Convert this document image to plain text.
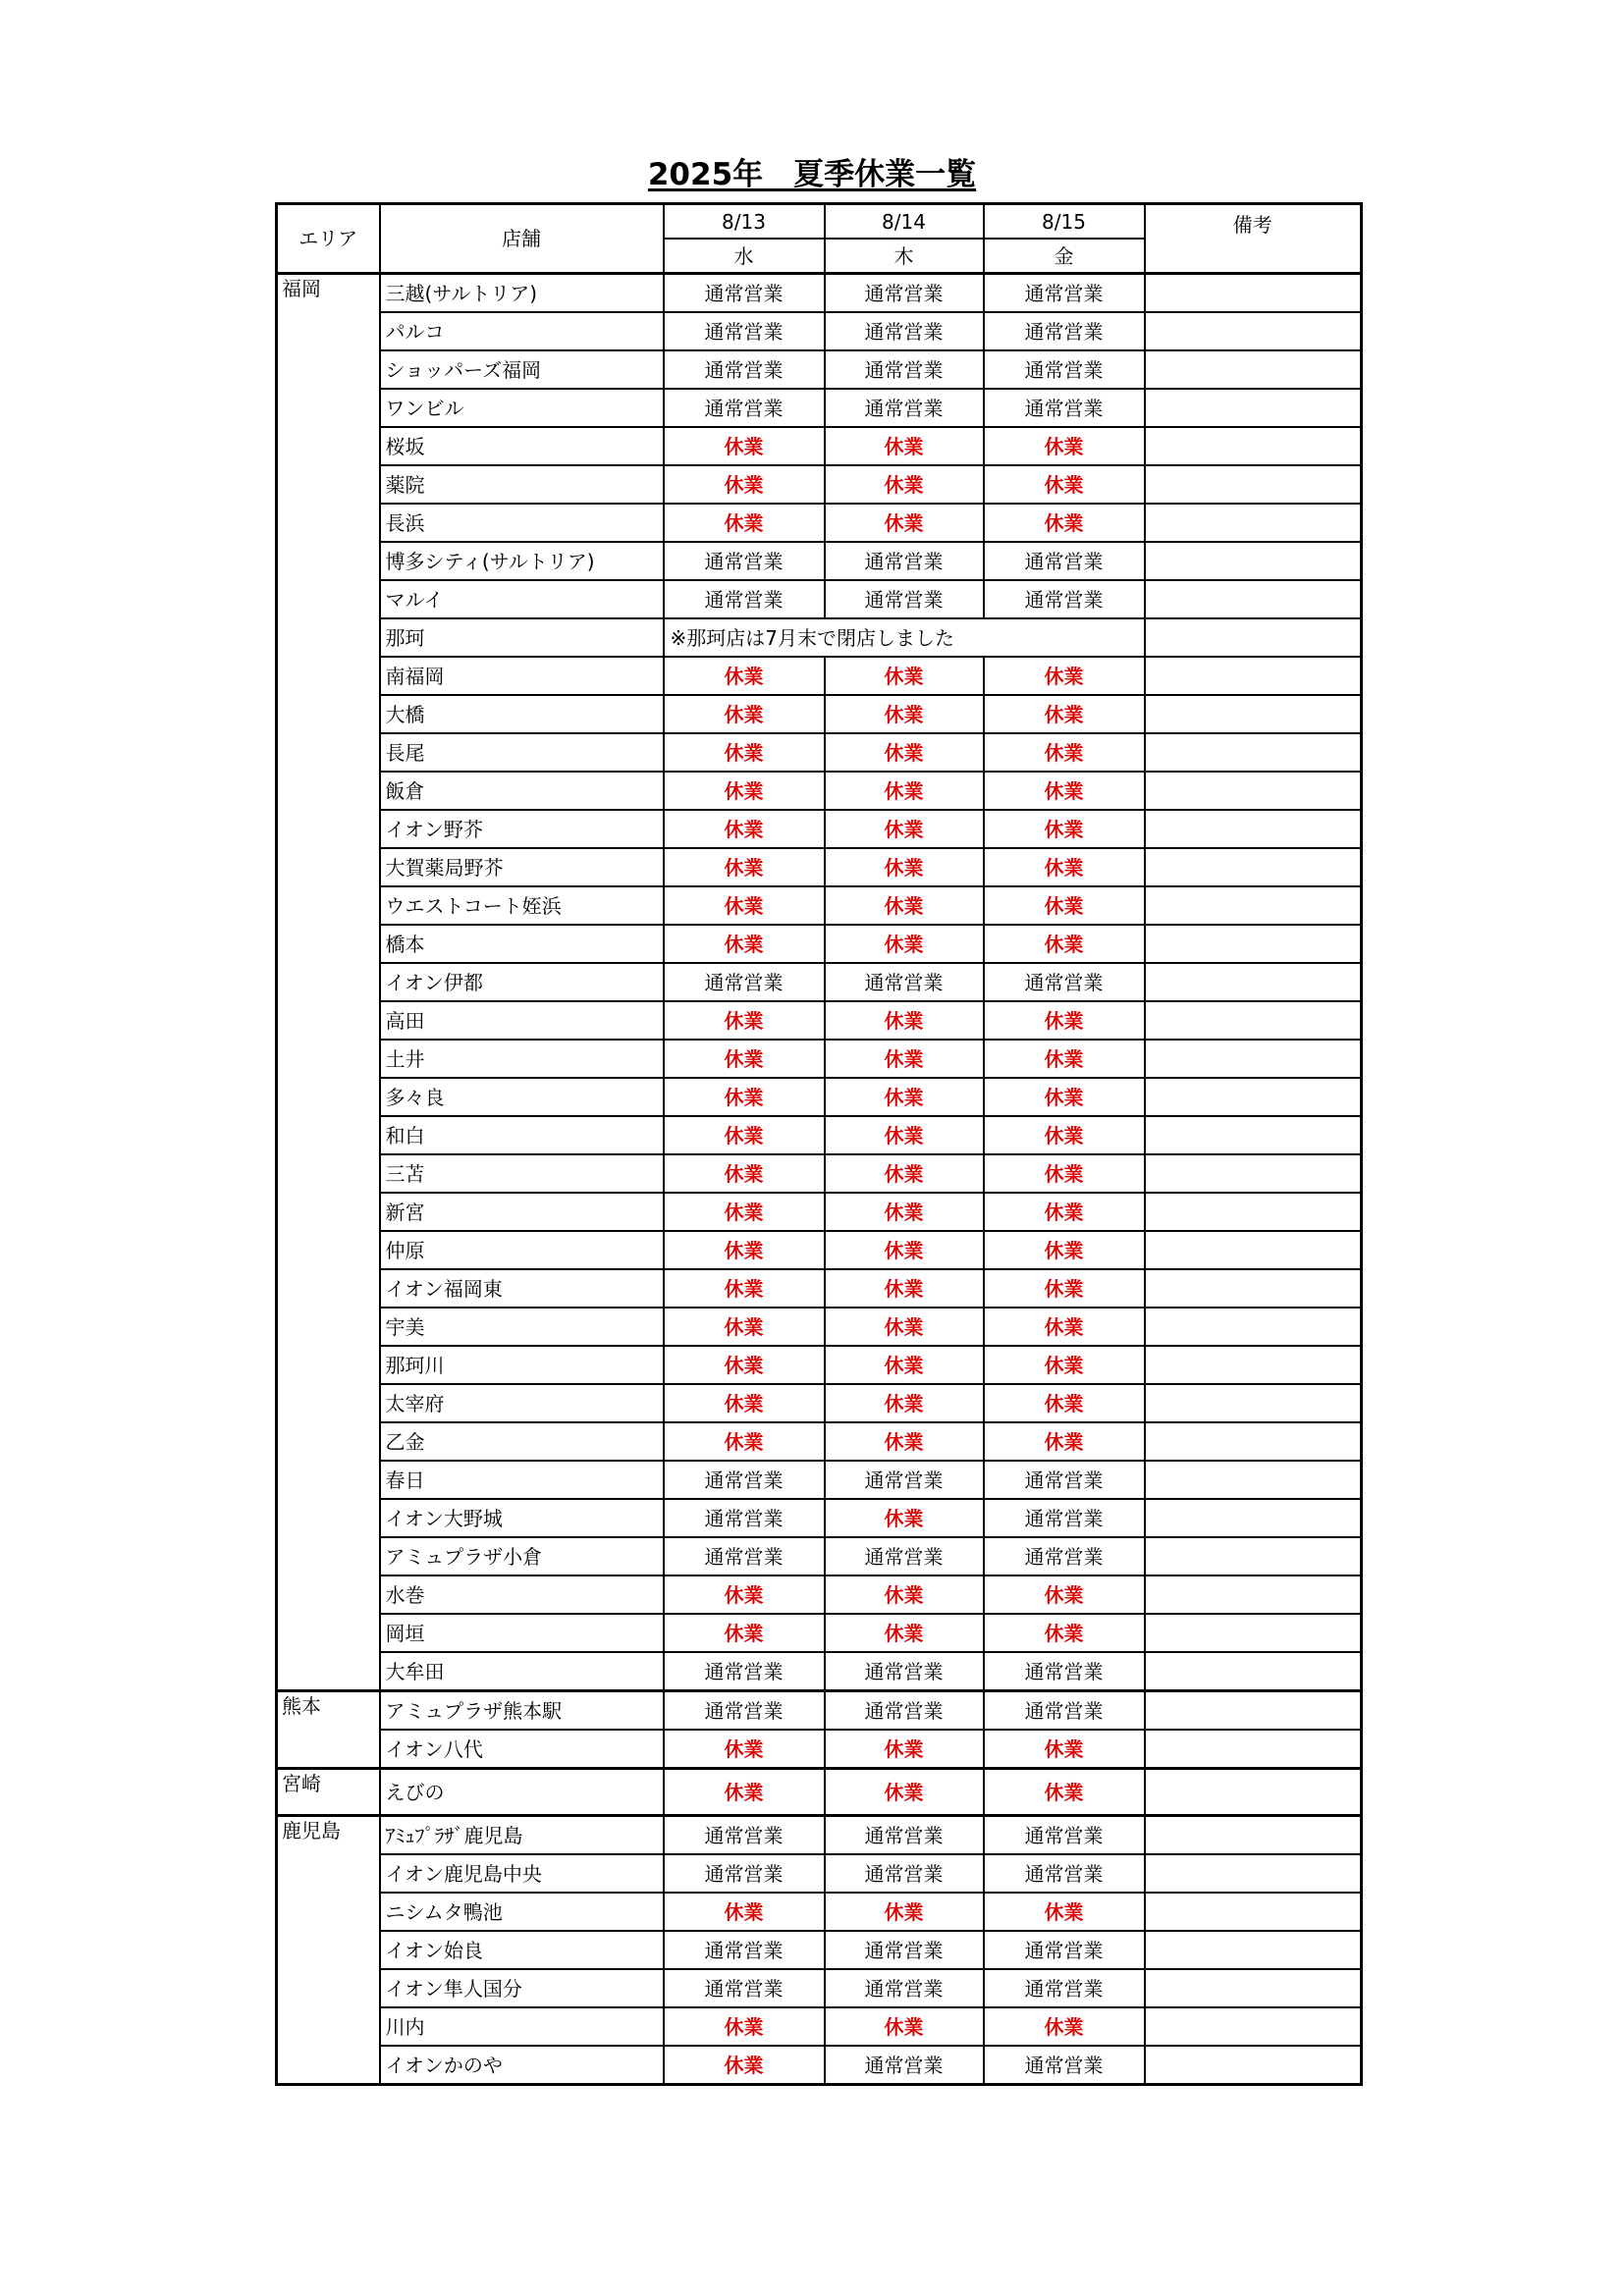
2025年　夏季休業一覧
エリア	店舗	8/13	8/14	8/15	備考
		水	木	金	
福岡	三越(サルトリア)	通常営業	通常営業	通常営業	
	パルコ	通常営業	通常営業	通常営業	
	ショッパーズ福岡	通常営業	通常営業	通常営業	
	ワンビル	通常営業	通常営業	通常営業	
	桜坂	休業	休業	休業	
	薬院	休業	休業	休業	
	長浜	休業	休業	休業	
	博多シティ(サルトリア)	通常営業	通常営業	通常営業	
	マルイ	通常営業	通常営業	通常営業	
	那珂	※那珂店は7月末で閉店しました			
	南福岡	休業	休業	休業	
	大橋	休業	休業	休業	
	長尾	休業	休業	休業	
	飯倉	休業	休業	休業	
	イオン野芥	休業	休業	休業	
	大賀薬局野芥	休業	休業	休業	
	ウエストコート姪浜	休業	休業	休業	
	橋本	休業	休業	休業	
	イオン伊都	通常営業	通常営業	通常営業	
	高田	休業	休業	休業	
	土井	休業	休業	休業	
	多々良	休業	休業	休業	
	和白	休業	休業	休業	
	三苫	休業	休業	休業	
	新宮	休業	休業	休業	
	仲原	休業	休業	休業	
	イオン福岡東	休業	休業	休業	
	宇美	休業	休業	休業	
	那珂川	休業	休業	休業	
	太宰府	休業	休業	休業	
	乙金	休業	休業	休業	
	春日	通常営業	通常営業	通常営業	
	イオン大野城	通常営業	休業	通常営業	
	アミュプラザ小倉	通常営業	通常営業	通常営業	
	水巻	休業	休業	休業	
	岡垣	休業	休業	休業	
	大牟田	通常営業	通常営業	通常営業	
熊本	アミュプラザ熊本駅	通常営業	通常営業	通常営業	
	イオン八代	休業	休業	休業	
宮崎	えびの	休業	休業	休業	
鹿児島	ｱﾐｭﾌﾟﾗｻﾞ鹿児島	通常営業	通常営業	通常営業	
	イオン鹿児島中央	通常営業	通常営業	通常営業	
	ニシムタ鴨池	休業	休業	休業	
	イオン始良	通常営業	通常営業	通常営業	
	イオン隼人国分	通常営業	通常営業	通常営業	
	川内	休業	休業	休業	
	イオンかのや	休業	通常営業	通常営業	
